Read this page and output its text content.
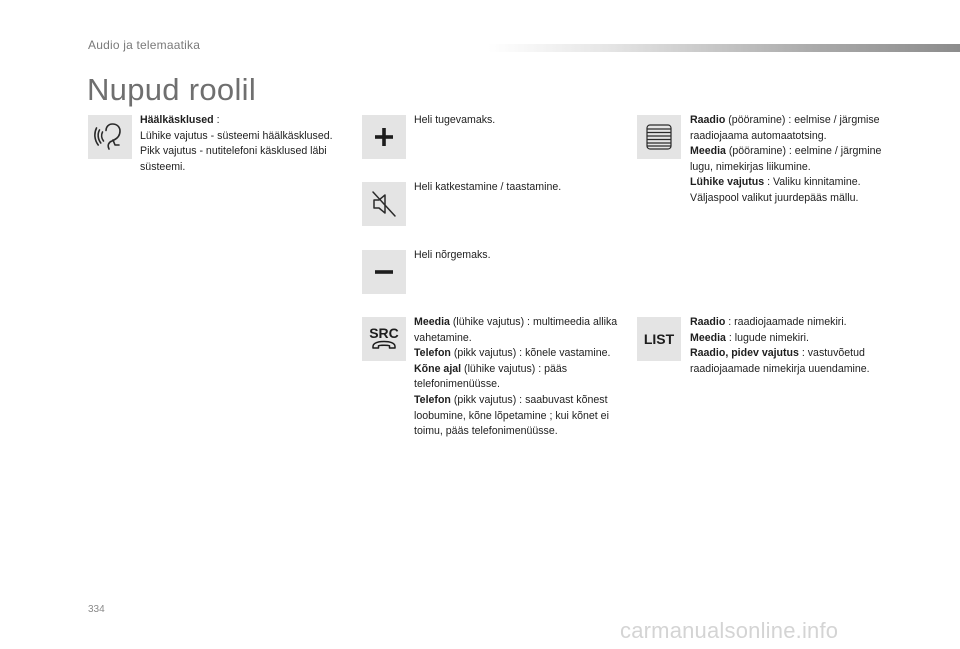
Audio ja telemaatika
Nupud roolil
Häälkäsklused :
Lühike vajutus - süsteemi häälkäsklused.
Pikk vajutus - nutitelefoni käsklused läbi süsteemi.
Heli tugevamaks.
Heli katkestamine / taastamine.
Heli nõrgemaks.
SRC
Meedia (lühike vajutus) : multimeedia allika vahetamine.
Telefon (pikk vajutus) : kõnele vastamine.
Kõne ajal (lühike vajutus) : pääs telefonimenüüsse.
Telefon (pikk vajutus) : saabuvast kõnest loobumine, kõne lõpetamine ; kui kõnet ei toimu, pääs telefonimenüüsse.
Raadio (pööramine) : eelmise / järgmise raadiojaama automaatotsing.
Meedia (pööramine) : eelmine / järgmine lugu, nimekirjas liikumine.
Lühike vajutus : Valiku kinnitamine.
Väljaspool valikut juurdepääs mällu.
LIST
Raadio : raadiojaamade nimekiri.
Meedia : lugude nimekiri.
Raadio, pidev vajutus : vastuvõetud raadiojaamade nimekirja uuendamine.
334
carmanualsonline.info
